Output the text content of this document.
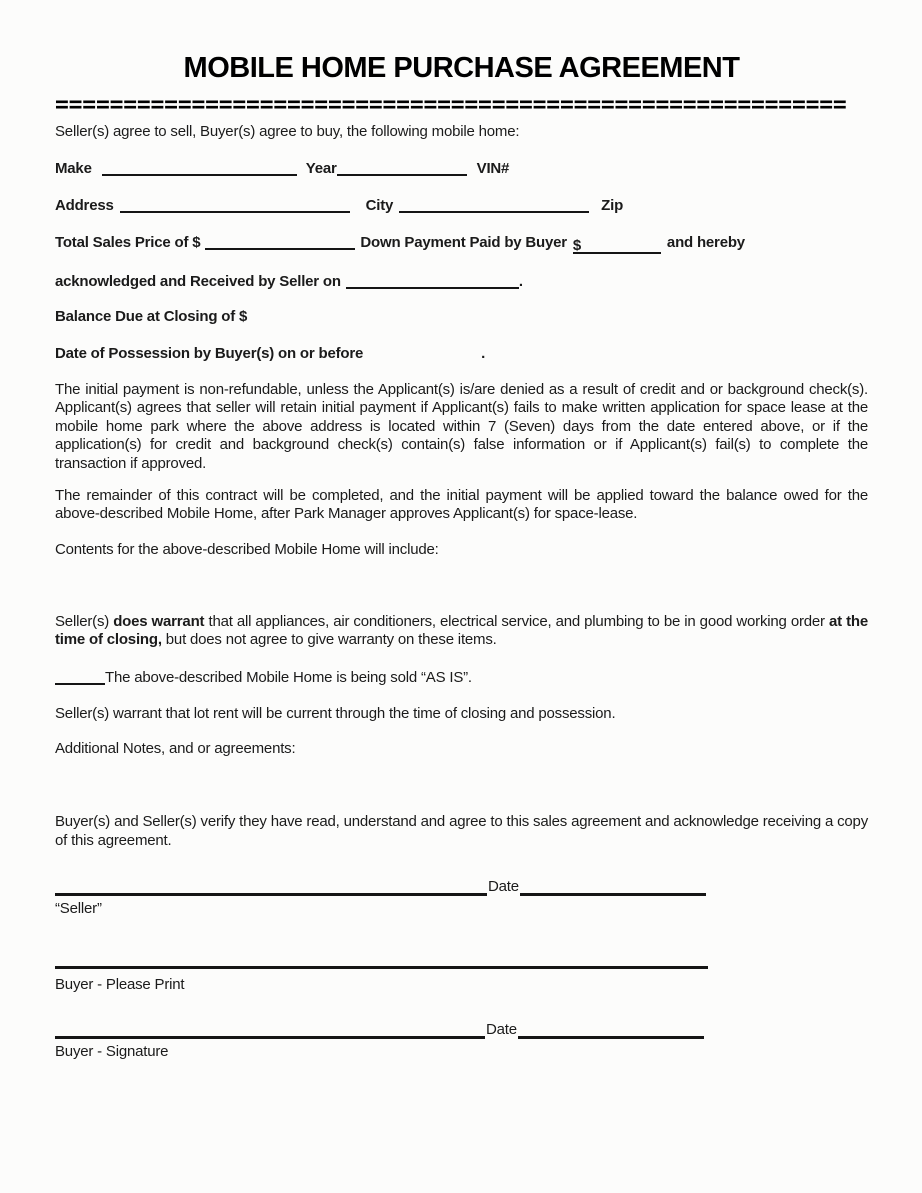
MOBILE HOME PURCHASE AGREEMENT
==========================================================
Seller(s) agree to sell, Buyer(s) agree to buy, the following mobile home:
Make	Year	VIN#
Address	City	Zip
Total Sales Price of $	Down Payment Paid by Buyer $	and hereby
acknowledged and Received by Seller on	.
Balance Due at Closing of $
Date of Possession by Buyer(s) on or before	.
The initial payment is non-refundable, unless the Applicant(s) is/are denied as a result of credit and or background check(s). Applicant(s) agrees that seller will retain initial payment if Applicant(s) fails to make written application for space lease at the mobile home park where the above address is located within 7 (Seven) days from the date entered above, or if the application(s) for credit and background check(s) contain(s) false information or if Applicant(s) fail(s) to complete the transaction if approved.
The remainder of this contract will be completed, and the initial payment will be applied toward the balance owed for the above-described Mobile Home, after Park Manager approves Applicant(s) for space-lease.
Contents for the above-described Mobile Home will include:
Seller(s) does warrant that all appliances, air conditioners, electrical service, and plumbing to be in good working order at the time of closing, but does not agree to give warranty on these items.
The above-described Mobile Home is being sold “AS IS”.
Seller(s) warrant that lot rent will be current through the time of closing and possession.
Additional Notes, and or agreements:
Buyer(s) and Seller(s) verify they have read, understand and agree to this sales agreement and acknowledge receiving a copy of this agreement.
Date
“Seller”
Buyer - Please Print
Date
Buyer - Signature
